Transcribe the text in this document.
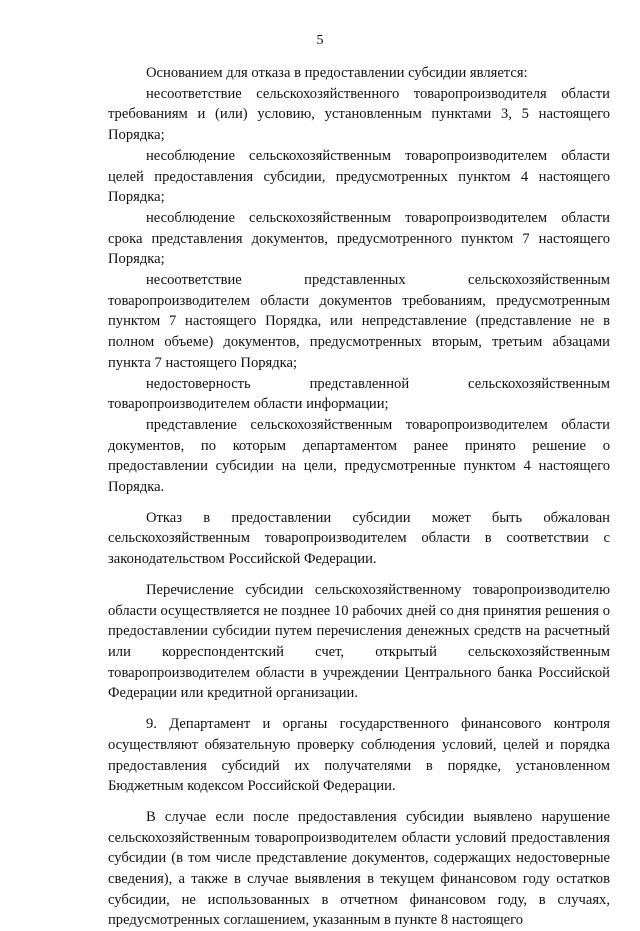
5

Основанием для отказа в предоставлении субсидии является:

несоответствие сельскохозяйственного товаропроизводителя области требованиям и (или) условию, установленным пунктами 3, 5 настоящего Порядка;

несоблюдение сельскохозяйственным товаропроизводителем области целей предоставления субсидии, предусмотренных пунктом 4 настоящего Порядка;

несоблюдение сельскохозяйственным товаропроизводителем области срока представления документов, предусмотренного пунктом 7 настоящего Порядка;

несоответствие представленных сельскохозяйственным товаропроизводителем области документов требованиям, предусмотренным пунктом 7 настоящего Порядка, или непредставление (представление не в полном объеме) документов, предусмотренных вторым, третьим абзацами пункта 7 настоящего Порядка;

недостоверность представленной сельскохозяйственным товаропроизводителем области информации;

представление сельскохозяйственным товаропроизводителем области документов, по которым департаментом ранее принято решение о предоставлении субсидии на цели, предусмотренные пунктом 4 настоящего Порядка.

Отказ в предоставлении субсидии может быть обжалован сельскохозяйственным товаропроизводителем области в соответствии с законодательством Российской Федерации.

Перечисление субсидии сельскохозяйственному товаропроизводителю области осуществляется не позднее 10 рабочих дней со дня принятия решения о предоставлении субсидии путем перечисления денежных средств на расчетный или корреспондентский счет, открытый сельскохозяйственным товаропроизводителем области в учреждении Центрального банка Российской Федерации или кредитной организации.

9. Департамент и органы государственного финансового контроля осуществляют обязательную проверку соблюдения условий, целей и порядка предоставления субсидий их получателями в порядке, установленном Бюджетным кодексом Российской Федерации.

В случае если после предоставления субсидии выявлено нарушение сельскохозяйственным товаропроизводителем области условий предоставления субсидии (в том числе представление документов, содержащих недостоверные сведения), а также в случае выявления в текущем финансовом году остатков субсидии, не использованных в отчетном финансовом году, в случаях, предусмотренных соглашением, указанным в пункте 8 настоящего
